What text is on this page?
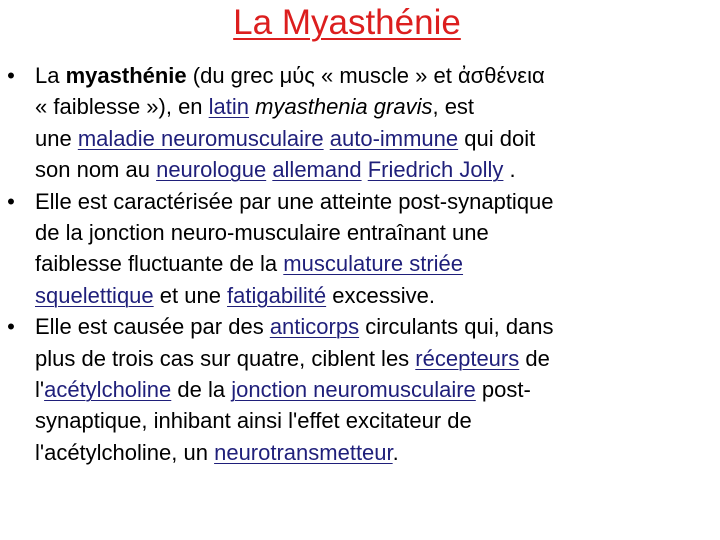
La Myasthénie
• La myasthénie (du grec μύς « muscle » et ἀσθένεια
« faiblesse »), en latin myasthenia gravis, est
une maladie neuromusculaire auto-immune qui doit
son nom au neurologue allemand Friedrich Jolly .
• Elle est caractérisée par une atteinte post-synaptique
de la jonction neuro-musculaire entraînant une
faiblesse fluctuante de la musculature striée
squelettique et une fatigabilité excessive.
• Elle est causée par des anticorps circulants qui, dans
plus de trois cas sur quatre, ciblent les récepteurs de
l'acétylcholine de la jonction neuromusculaire post-
synaptique, inhibant ainsi l'effet excitateur de
l'acétylcholine, un neurotransmetteur.
